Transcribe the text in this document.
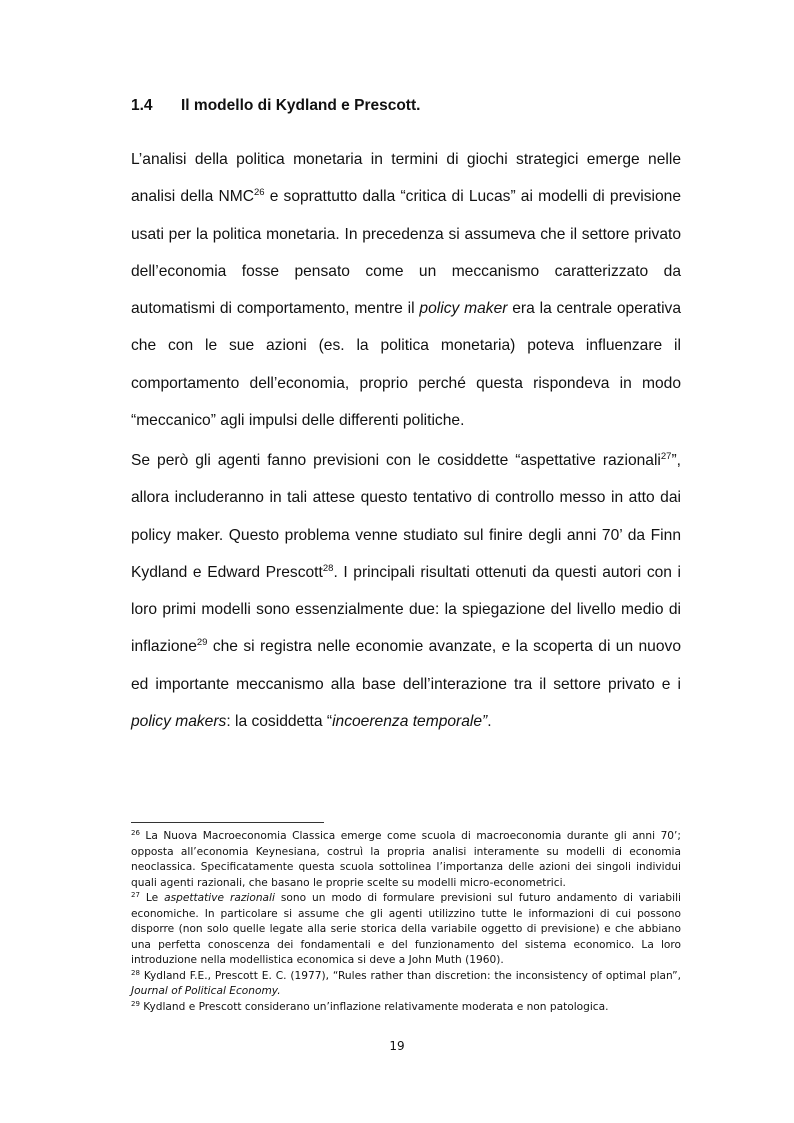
1.4 Il modello di Kydland e Prescott.

L’analisi della politica monetaria in termini di giochi strategici emerge nelle analisi della NMC$^{26}$ e soprattutto dalla “critica di Lucas” ai modelli di previsione usati per la politica monetaria. In precedenza si assumeva che il settore privato dell’economia fosse pensato come un meccanismo caratterizzato da automatismi di comportamento, mentre il policy maker era la centrale operativa che con le sue azioni (es. la politica monetaria) poteva influenzare il comportamento dell’economia, proprio perché questa rispondeva in modo “meccanico” agli impulsi delle differenti politiche.

Se però gli agenti fanno previsioni con le cosiddette “aspettative razionali$^{27}$”, allora includeranno in tali attese questo tentativo di controllo messo in atto dai policy maker. Questo problema venne studiato sul finire degli anni 70’ da Finn Kydland e Edward Prescott$^{28}$. I principali risultati ottenuti da questi autori con i loro primi modelli sono essenzialmente due: la spiegazione del livello medio di inflazione$^{29}$ che si registra nelle economie avanzate, e la scoperta di un nuovo ed importante meccanismo alla base dell’interazione tra il settore privato e i policy makers: la cosiddetta “incoerenza temporale”.

$^{26}$ La Nuova Macroeconomia Classica emerge come scuola di macroeconomia durante gli anni 70’; opposta all’economia Keynesiana, costruì la propria analisi interamente su modelli di economia neoclassica. Specificatamente questa scuola sottolinea l’importanza delle azioni dei singoli individui quali agenti razionali, che basano le proprie scelte su modelli micro-econometrici.

$^{27}$ Le aspettative razionali sono un modo di formulare previsioni sul futuro andamento di variabili economiche. In particolare si assume che gli agenti utilizzino tutte le informazioni di cui possono disporre (non solo quelle legate alla serie storica della variabile oggetto di previsione) e che abbiano una perfetta conoscenza dei fondamentali e del funzionamento del sistema economico. La loro introduzione nella modellistica economica si deve a John Muth (1960).

$^{28}$ Kydland F.E., Prescott E. C. (1977), “Rules rather than discretion: the inconsistency of optimal plan”, Journal of Political Economy.

$^{29}$ Kydland e Prescott considerano un’inflazione relativamente moderata e non patologica.

19
